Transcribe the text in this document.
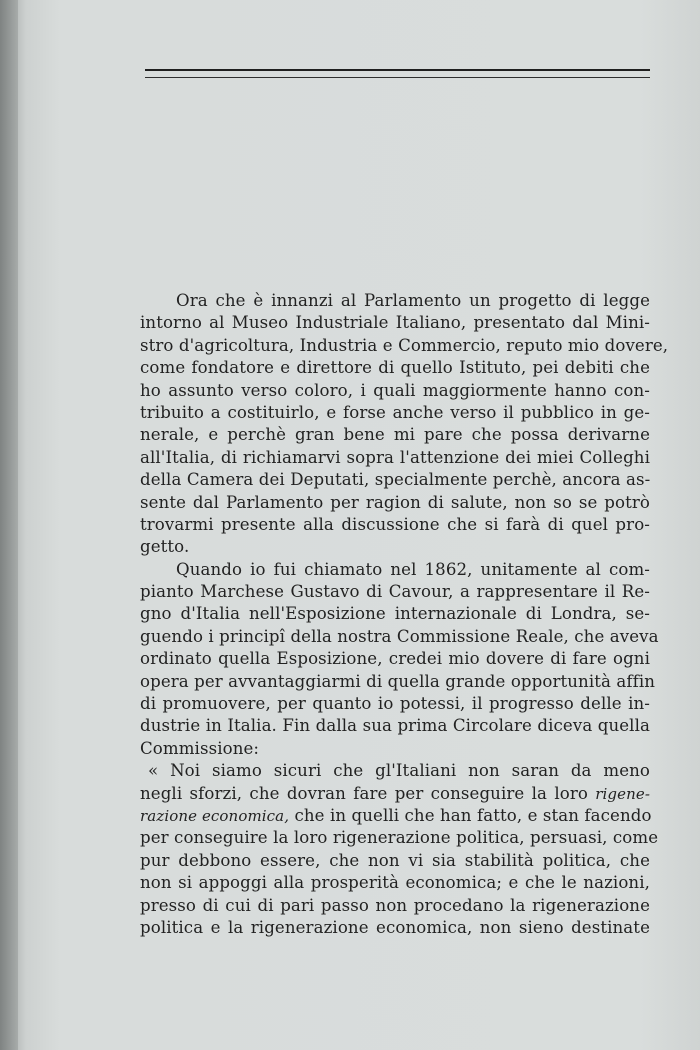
Ora che è innanzi al Parlamento un progetto di legge
intorno al Museo Industriale Italiano, presentato dal Mini-
stro d'agricoltura, Industria e Commercio, reputo mio dovere,
come fondatore e direttore di quello Istituto, pei debiti che
ho assunto verso coloro, i quali maggiormente hanno con-
tribuito a costituirlo, e forse anche verso il pubblico in ge-
nerale, e perchè gran bene mi pare che possa derivarne
all'Italia, di richiamarvi sopra l'attenzione dei miei Colleghi
della Camera dei Deputati, specialmente perchè, ancora as-
sente dal Parlamento per ragion di salute, non so se potrò
trovarmi presente alla discussione che si farà di quel pro-
getto.
Quando io fui chiamato nel 1862, unitamente al com-
pianto Marchese Gustavo di Cavour, a rappresentare il Re-
gno d'Italia nell'Esposizione internazionale di Londra, se-
guendo i principî della nostra Commissione Reale, che aveva
ordinato quella Esposizione, credei mio dovere di fare ogni
opera per avvantaggiarmi di quella grande opportunità affin
di promuovere, per quanto io potessi, il progresso delle in-
dustrie in Italia. Fin dalla sua prima Circolare diceva quella
Commissione:
« Noi siamo sicuri che gl'Italiani non saran da meno
negli sforzi, che dovran fare per conseguire la loro rigene-
razione economica, che in quelli che han fatto, e stan facendo
per conseguire la loro rigenerazione politica, persuasi, come
pur debbono essere, che non vi sia stabilità politica, che
non si appoggi alla prosperità economica; e che le nazioni,
presso di cui di pari passo non procedano la rigenerazione
politica e la rigenerazione economica, non sieno destinate
